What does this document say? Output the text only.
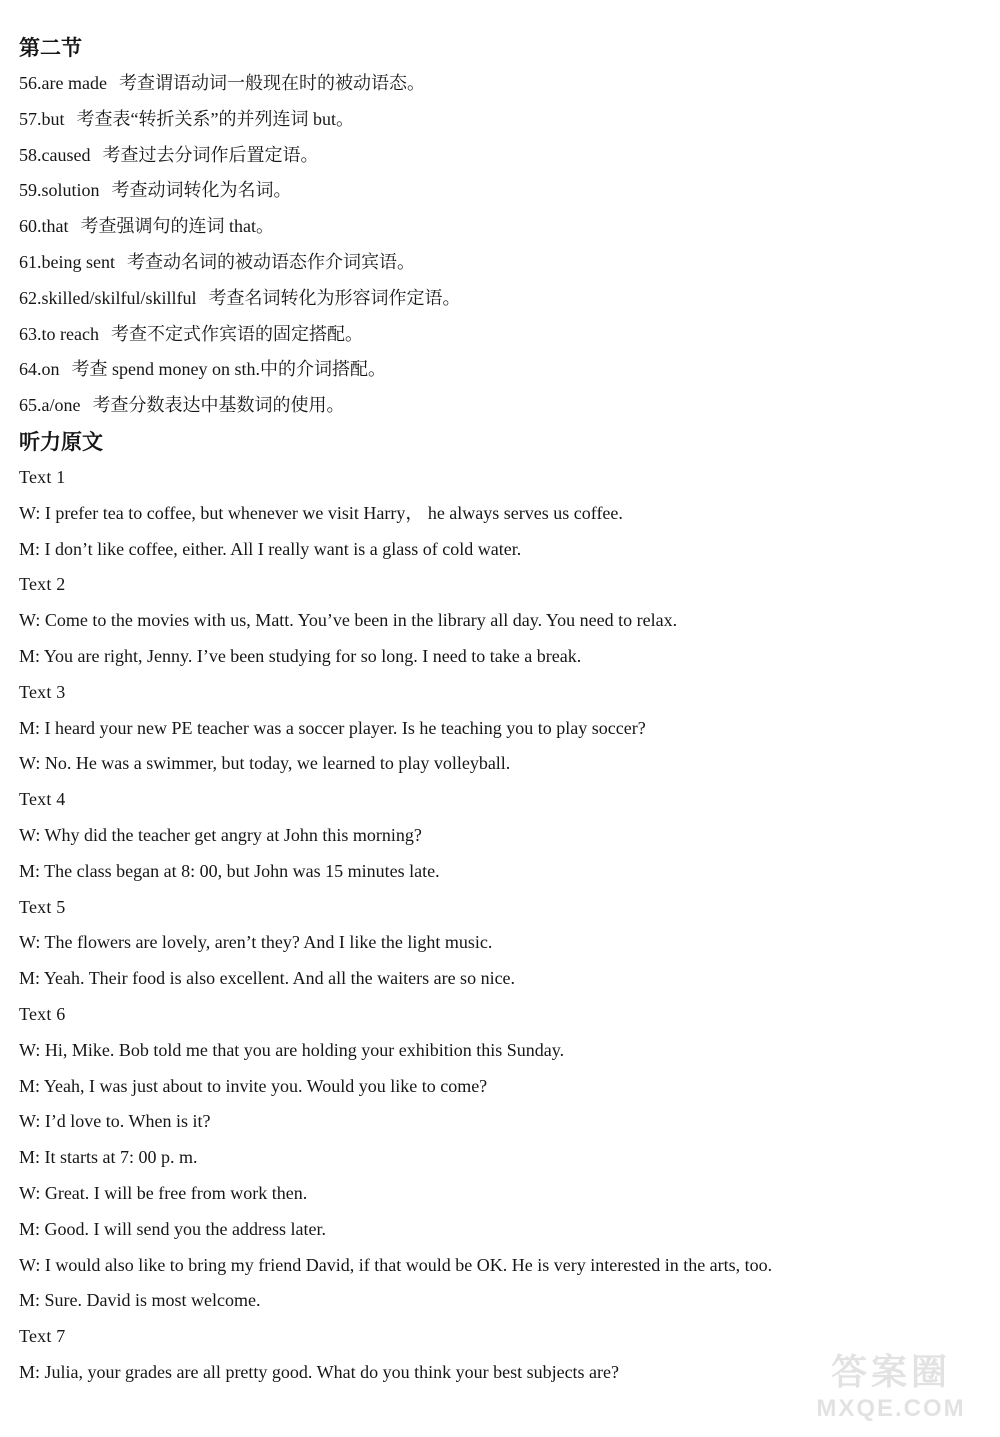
第二节
56.are made 考查谓语动词一般现在时的被动语态。
57.but 考查表“转折关系”的并列连词 but。
58.caused 考查过去分词作后置定语。
59.solution 考查动词转化为名词。
60.that 考查强调句的连词 that。
61.being sent 考查动名词的被动语态作介词宾语。
62.skilled/skilful/skillful 考查名词转化为形容词作定语。
63.to reach 考查不定式作宾语的固定搭配。
64.on 考查 spend money on sth.中的介词搭配。
65.a/one 考查分数表达中基数词的使用。
听力原文
Text 1
W: I prefer tea to coffee, but whenever we visit Harry， he always serves us coffee.
M: I don’t like coffee, either. All I really want is a glass of cold water.
Text 2
W: Come to the movies with us, Matt. You’ve been in the library all day. You need to relax.
M: You are right, Jenny. I’ve been studying for so long. I need to take a break.
Text 3
M: I heard your new PE teacher was a soccer player. Is he teaching you to play soccer?
W: No. He was a swimmer, but today, we learned to play volleyball.
Text 4
W: Why did the teacher get angry at John this morning?
M: The class began at 8: 00, but John was 15 minutes late.
Text 5
W: The flowers are lovely, aren’t they? And I like the light music.
M: Yeah. Their food is also excellent. And all the waiters are so nice.
Text 6
W: Hi, Mike. Bob told me that you are holding your exhibition this Sunday.
M: Yeah, I was just about to invite you. Would you like to come?
W: I’d love to. When is it?
M: It starts at 7: 00 p. m.
W: Great. I will be free from work then.
M: Good. I will send you the address later.
W: I would also like to bring my friend David, if that would be OK. He is very interested in the arts, too.
M: Sure. David is most welcome.
Text 7
M: Julia, your grades are all pretty good. What do you think your best subjects are?	答案圈
MXQE.COM
